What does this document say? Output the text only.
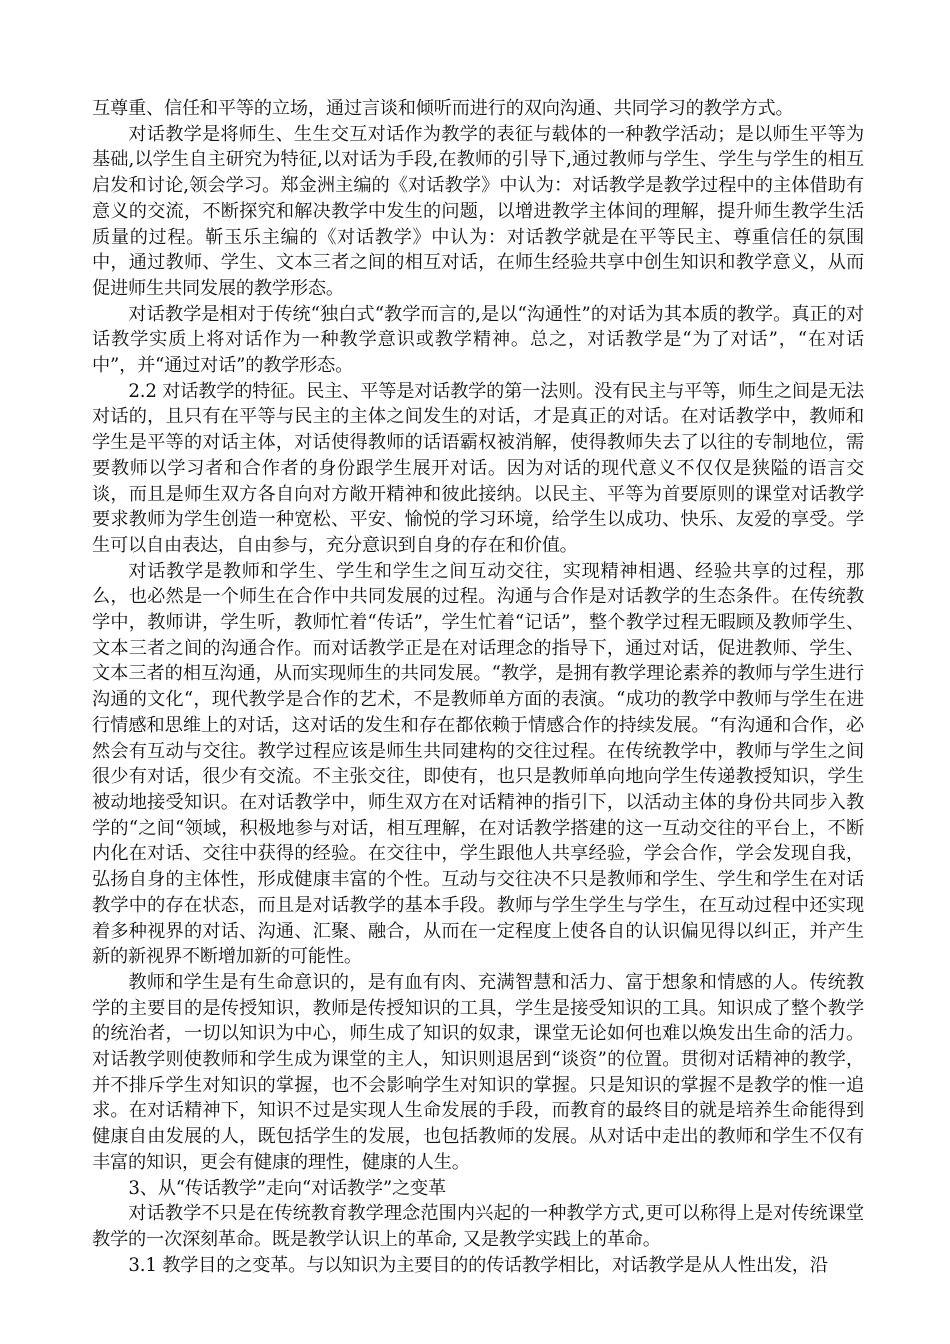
互尊重、信任和平等的立场，通过言谈和倾听而进行的双向沟通、共同学习的教学方式。

对话教学是将师生、生生交互对话作为教学的表征与载体的一种教学活动；是以师生平等为基础,以学生自主研究为特征,以对话为手段,在教师的引导下,通过教师与学生、学生与学生的相互启发和讨论,领会学习。郑金洲主编的《对话教学》中认为：对话教学是教学过程中的主体借助有意义的交流，不断探究和解决教学中发生的问题，以增进教学主体间的理解，提升师生教学生活质量的过程。靳玉乐主编的《对话教学》中认为：对话教学就是在平等民主、尊重信任的氛围中，通过教师、学生、文本三者之间的相互对话，在师生经验共享中创生知识和教学意义，从而促进师生共同发展的教学形态。

对话教学是相对于传统“独白式“教学而言的,是以“沟通性”的对话为其本质的教学。真正的对话教学实质上将对话作为一种教学意识或教学精神。总之，对话教学是“为了对话”，“在对话中”，并“通过对话”的教学形态。

2.2 对话教学的特征。民主、平等是对话教学的第一法则。没有民主与平等，师生之间是无法对话的，且只有在平等与民主的主体之间发生的对话，才是真正的对话。在对话教学中，教师和学生是平等的对话主体，对话使得教师的话语霸权被消解，使得教师失去了以往的专制地位，需要教师以学习者和合作者的身份跟学生展开对话。因为对话的现代意义不仅仅是狭隘的语言交谈，而且是师生双方各自向对方敞开精神和彼此接纳。以民主、平等为首要原则的课堂对话教学要求教师为学生创造一种宽松、平安、愉悦的学习环境，给学生以成功、快乐、友爱的享受。学生可以自由表达，自由参与，充分意识到自身的存在和价值。

对话教学是教师和学生、学生和学生之间互动交往，实现精神相遇、经验共享的过程，那么，也必然是一个师生在合作中共同发展的过程。沟通与合作是对话教学的生态条件。在传统教学中，教师讲，学生听，教师忙着“传话”，学生忙着“记话”，整个教学过程无暇顾及教师学生、文本三者之间的沟通合作。而对话教学正是在对话理念的指导下，通过对话，促进教师、学生、文本三者的相互沟通，从而实现师生的共同发展。“教学，是拥有教学理论素养的教师与学生进行沟通的文化“，现代教学是合作的艺术，不是教师单方面的表演。“成功的教学中教师与学生在进行情感和思维上的对话，这对话的发生和存在都依赖于情感合作的持续发展。“有沟通和合作，必然会有互动与交往。教学过程应该是师生共同建构的交往过程。在传统教学中，教师与学生之间很少有对话，很少有交流。不主张交往，即使有，也只是教师单向地向学生传递教授知识，学生被动地接受知识。在对话教学中，师生双方在对话精神的指引下，以活动主体的身份共同步入教学的“之间“领域，积极地参与对话，相互理解，在对话教学搭建的这一互动交往的平台上，不断内化在对话、交往中获得的经验。在交往中，学生跟他人共享经验，学会合作，学会发现自我，弘扬自身的主体性，形成健康丰富的个性。互动与交往决不只是教师和学生、学生和学生在对话教学中的存在状态，而且是对话教学的基本手段。教师与学生学生与学生，在互动过程中还实现着多种视界的对话、沟通、汇聚、融合，从而在一定程度上使各自的认识偏见得以纠正，并产生新的新视界不断增加新的可能性。

教师和学生是有生命意识的，是有血有肉、充满智慧和活力、富于想象和情感的人。传统教学的主要目的是传授知识，教师是传授知识的工具，学生是接受知识的工具。知识成了整个教学的统治者，一切以知识为中心，师生成了知识的奴隶，课堂无论如何也难以焕发出生命的活力。对话教学则使教师和学生成为课堂的主人，知识则退居到“谈资”的位置。贯彻对话精神的教学，并不排斥学生对知识的掌握，也不会影响学生对知识的掌握。只是知识的掌握不是教学的惟一追求。在对话精神下，知识不过是实现人生命发展的手段，而教育的最终目的就是培养生命能得到健康自由发展的人，既包括学生的发展，也包括教师的发展。从对话中走出的教师和学生不仅有丰富的知识，更会有健康的理性，健康的人生。

3、从“传话教学”走向“对话教学”之变革

对话教学不只是在传统教育教学理念范围内兴起的一种教学方式,更可以称得上是对传统课堂教学的一次深刻革命。既是教学认识上的革命, 又是教学实践上的革命。

3.1 教学目的之变革。与以知识为主要目的的传话教学相比，对话教学是从人性出发，沿
